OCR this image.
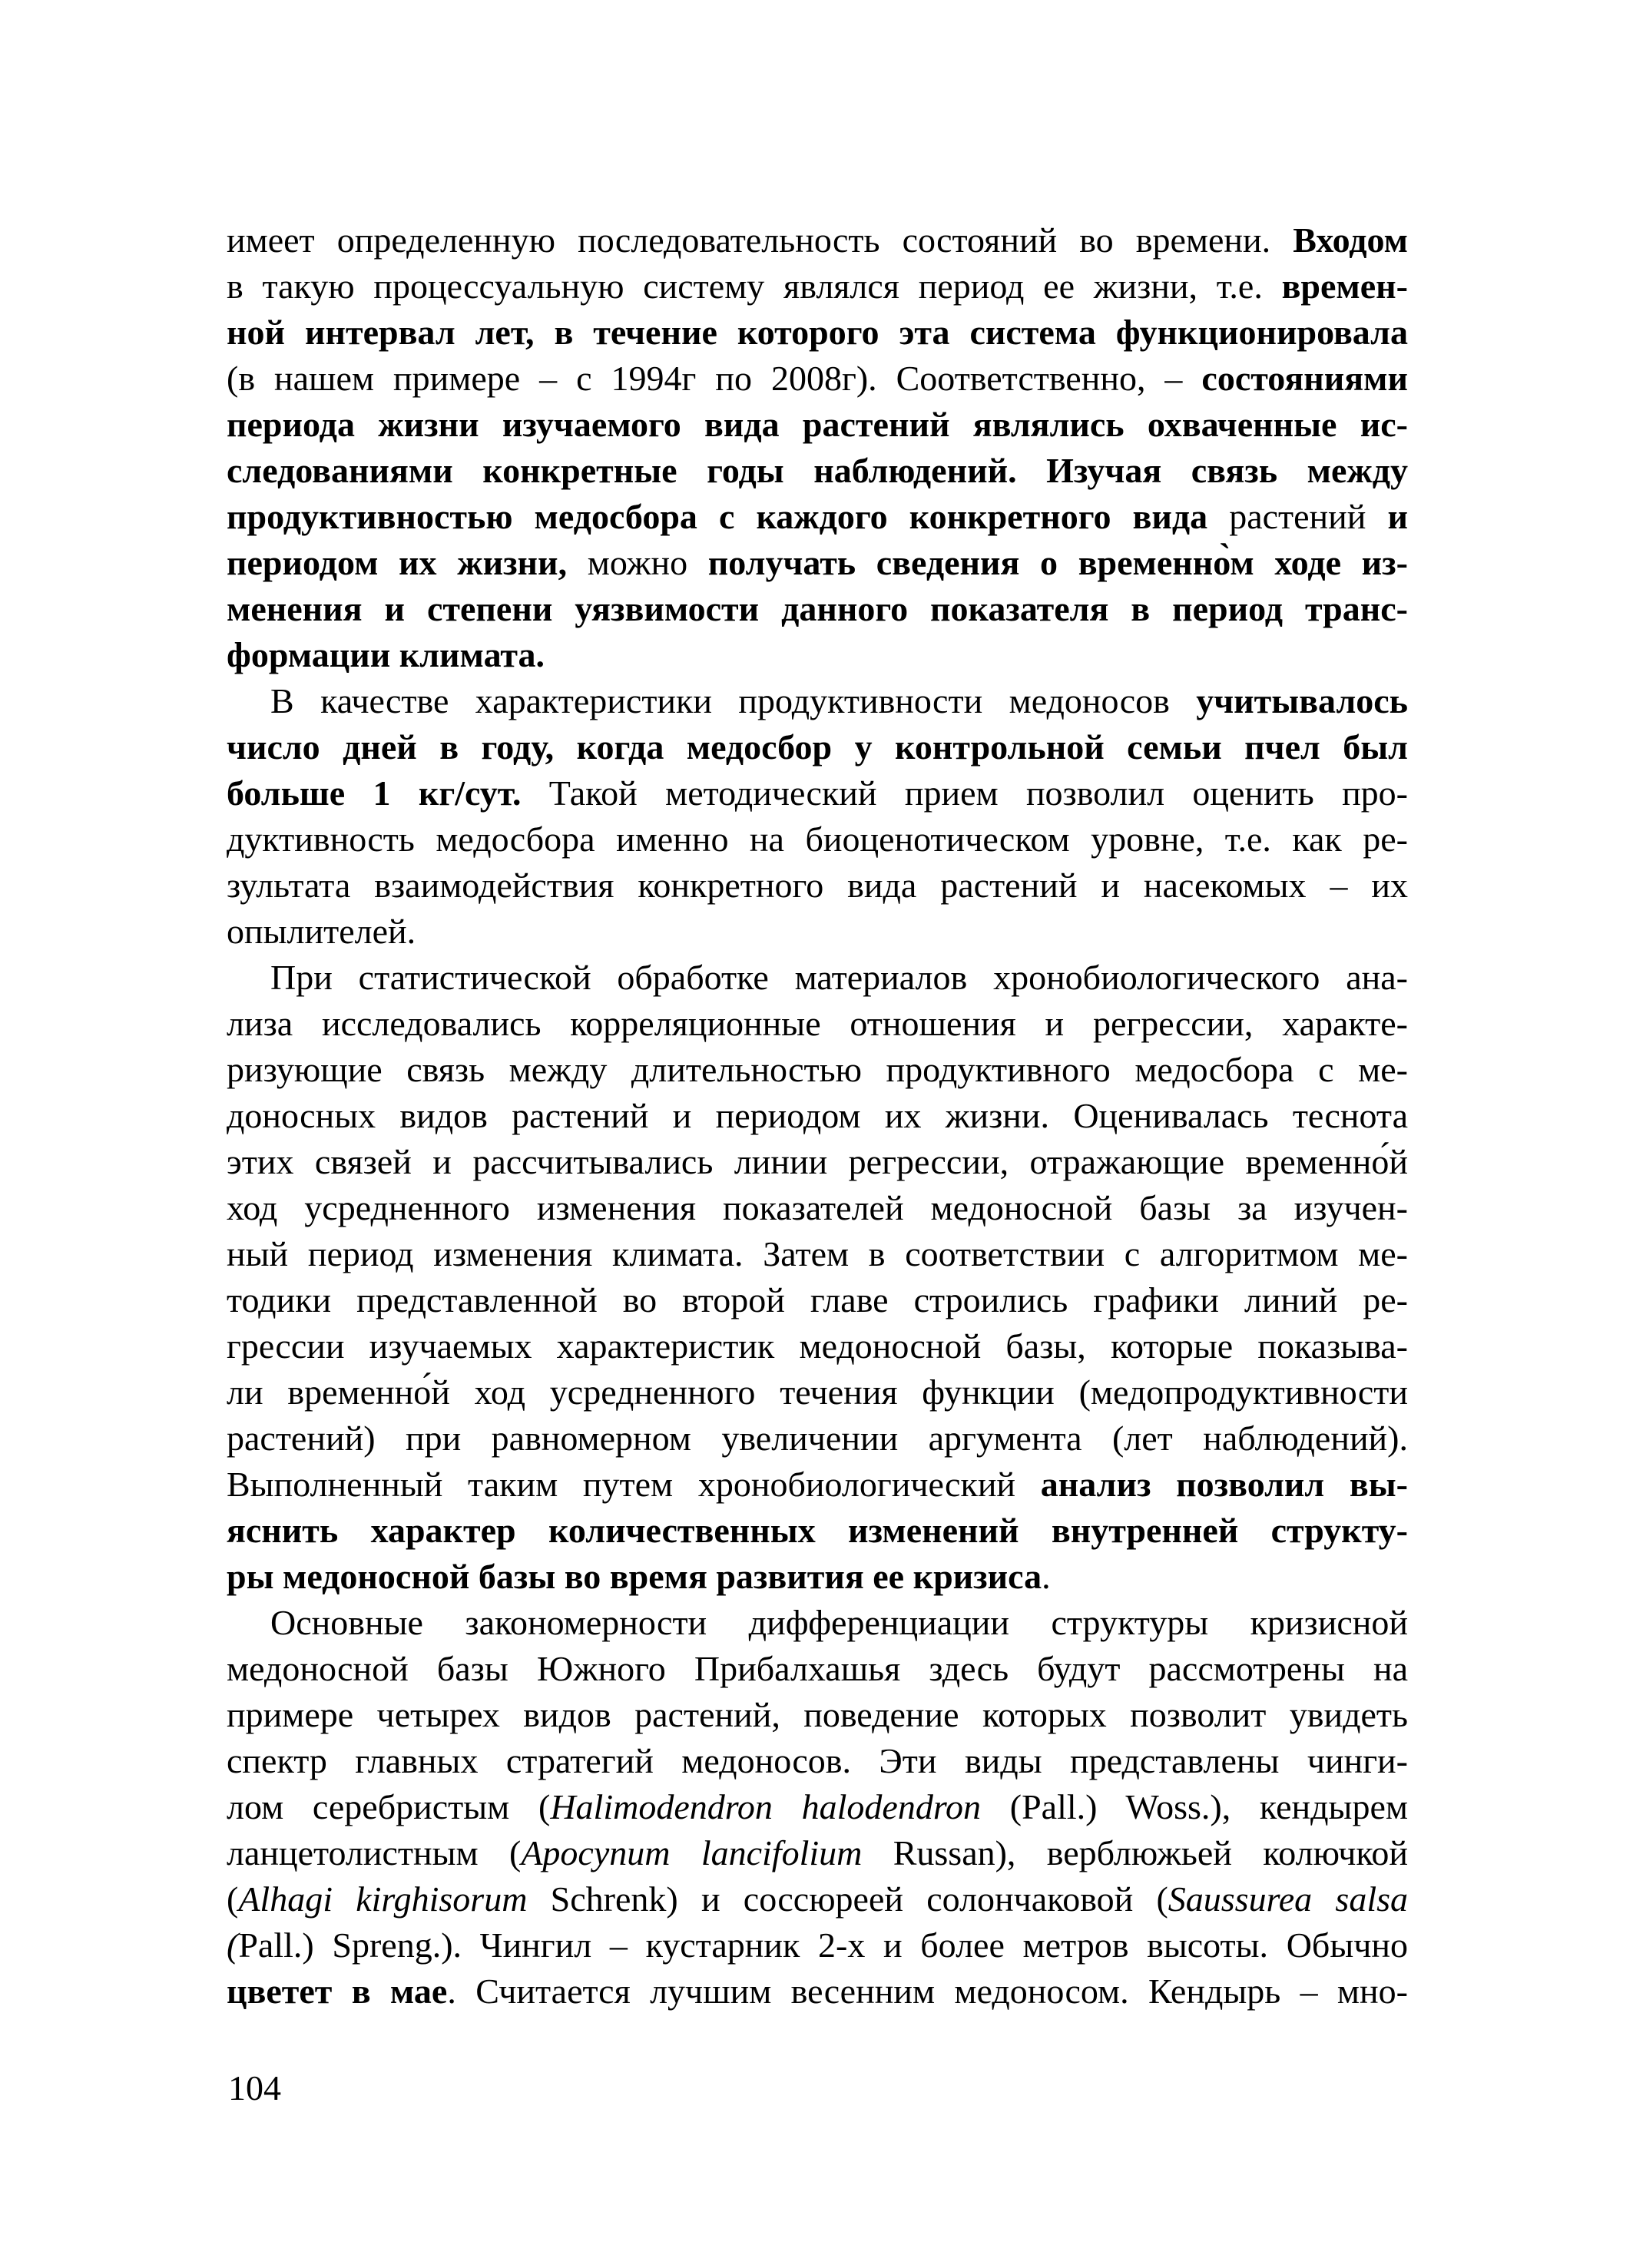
имеет определенную последовательность состояний во времени. Входом
в такую процессуальную систему являлся период ее жизни, т.е. времен-
ной интервал лет, в течение которого эта система функционировала
(в нашем примере – с 1994г по 2008г). Соответственно, – состояниями
периода жизни изучаемого вида растений являлись охваченные ис-
следованиями конкретные годы наблюдений. Изучая связь между
продуктивностью медосбора с каждого конкретного вида растений и
периодом их жизни, можно получать сведения о временно̀м ходе из-
менения и степени уязвимости данного показателя в период транс-
формации климата.
В качестве характеристики продуктивности медоносов учитывалось
число дней в году, когда медосбор у контрольной семьи пчел был
больше 1 кг/сут. Такой методический прием позволил оценить про-
дуктивность медосбора именно на биоценотическом уровне, т.е. как ре-
зультата взаимодействия конкретного вида растений и насекомых – их
опылителей.
При статистической обработке материалов хронобиологического ана-
лиза исследовались корреляционные отношения и регрессии, характе-
ризующие связь между длительностью продуктивного медосбора с ме-
доносных видов растений и периодом их жизни. Оценивалась теснота
этих связей и рассчитывались линии регрессии, отражающие временно́й
ход усредненного изменения показателей медоносной базы за изучен-
ный период изменения климата. Затем в соответствии с алгоритмом ме-
тодики представленной во второй главе строились графики линий ре-
грессии изучаемых характеристик медоносной базы, которые показыва-
ли временно́й ход усредненного течения функции (медопродуктивности
растений) при равномерном увеличении аргумента (лет наблюдений).
Выполненный таким путем хронобиологический анализ позволил вы-
яснить характер количественных изменений внутренней структу-
ры медоносной базы во время развития ее кризиса.
Основные закономерности дифференциации структуры кризисной
медоносной базы Южного Прибалхашья здесь будут рассмотрены на
примере четырех видов растений, поведение которых позволит увидеть
спектр главных стратегий медоносов. Эти виды представлены чинги-
лом серебристым (Halimodendron halodendron (Pall.) Woss.), кендырем
ланцетолистным (Apocynum lancifolium Russan), верблюжьей колючкой
(Alhagi kirghisorum Schrenk) и соссюреей солончаковой (Saussurea salsa
(Pall.) Spreng.). Чингил – кустарник 2-х и более метров высоты. Обычно
цветет в мае. Считается лучшим весенним медоносом. Кендырь – мно-
104
